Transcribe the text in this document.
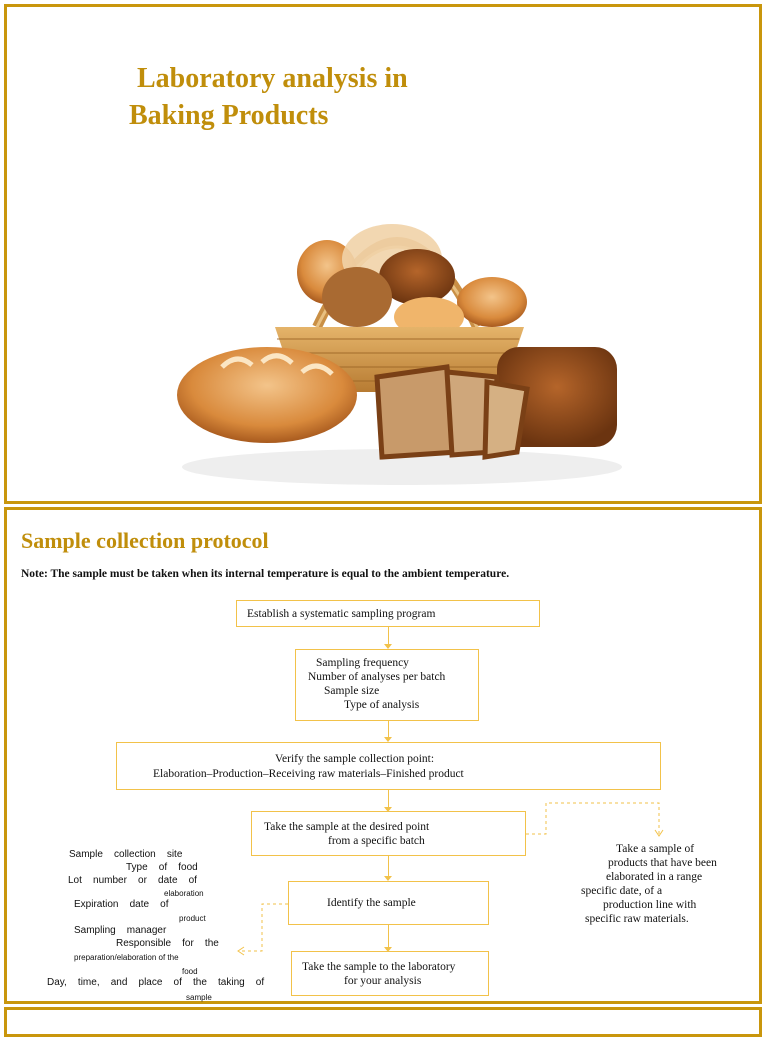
Laboratory analysis in
Baking Products
Sample collection protocol

Note: The sample must be taken when its internal temperature is equal to the ambient temperature.

Establish a systematic sampling program
Sampling frequency
Number of analyses per batch
Sample size
Type of analysis
Verify the sample collection point:
Elaboration–Production–Receiving raw materials–Finished product
Take the sample at the desired point
from a specific batch
Identify the sample
Take the sample to the laboratory
for your analysis
Sample    collection    site
Type    of    food
Lot    number    or    date    of
elaboration
Expiration    date    of
product
Sampling    manager
Responsible    for    the
preparation/elaboration of the
food
Day,    time,    and    place    of    the    taking    of
sample
Take a sample of
products that have been
elaborated in a range
specific date, of a
production line with
specific raw materials.
